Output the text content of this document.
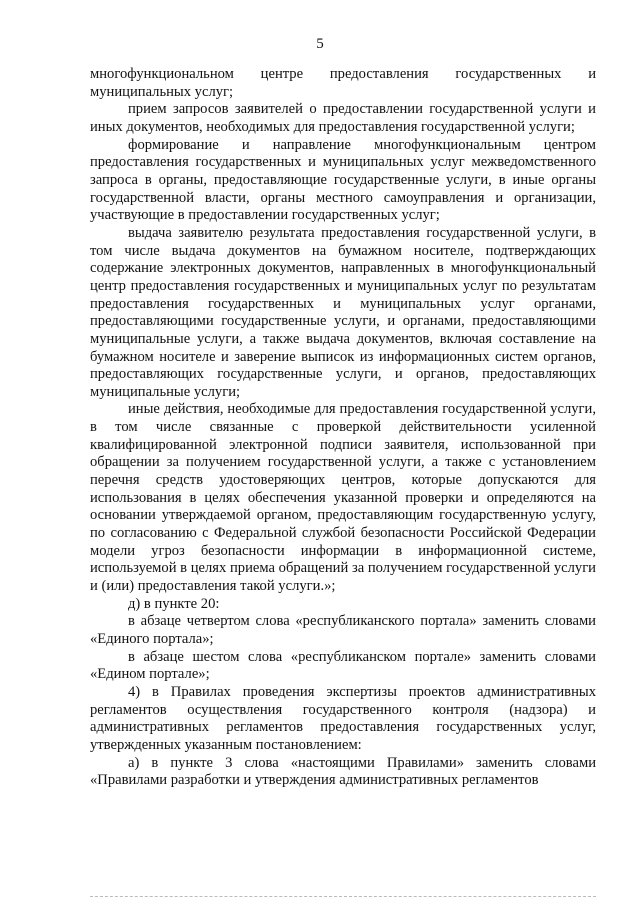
5

многофункциональном центре предоставления государственных и муниципальных услуг;

прием запросов заявителей о предоставлении государственной услуги и иных документов, необходимых для предоставления государственной услуги;

формирование и направление многофункциональным центром предоставления государственных и муниципальных услуг межведомственного запроса в органы, предоставляющие государственные услуги, в иные органы государственной власти, органы местного самоуправления и организации, участвующие в предоставлении государственных услуг;

выдача заявителю результата предоставления государственной услуги, в том числе выдача документов на бумажном носителе, подтверждающих содержание электронных документов, направленных в многофункциональный центр предоставления государственных и муниципальных услуг по результатам предоставления государственных и муниципальных услуг органами, предоставляющими государственные услуги, и органами, предоставляющими муниципальные услуги, а также выдача документов, включая составление на бумажном носителе и заверение выписок из информационных систем органов, предоставляющих государственные услуги, и органов, предоставляющих муниципальные услуги;

иные действия, необходимые для предоставления государственной услуги, в том числе связанные с проверкой действительности усиленной квалифицированной электронной подписи заявителя, использованной при обращении за получением государственной услуги, а также с установлением перечня средств удостоверяющих центров, которые допускаются для использования в целях обеспечения указанной проверки и определяются на основании утверждаемой органом, предоставляющим государственную услугу, по согласованию с Федеральной службой безопасности Российской Федерации модели угроз безопасности информации в информационной системе, используемой в целях приема обращений за получением государственной услуги и (или) предоставления такой услуги.»;

д) в пункте 20:

в абзаце четвертом слова «республиканского портала» заменить словами «Единого портала»;

в абзаце шестом слова «республиканском портале» заменить словами «Едином портале»;

4) в Правилах проведения экспертизы проектов административных регламентов осуществления государственного контроля (надзора) и административных регламентов предоставления государственных услуг, утвержденных указанным постановлением:

а) в пункте 3 слова «настоящими Правилами» заменить словами «Правилами разработки и утверждения административных регламентов
